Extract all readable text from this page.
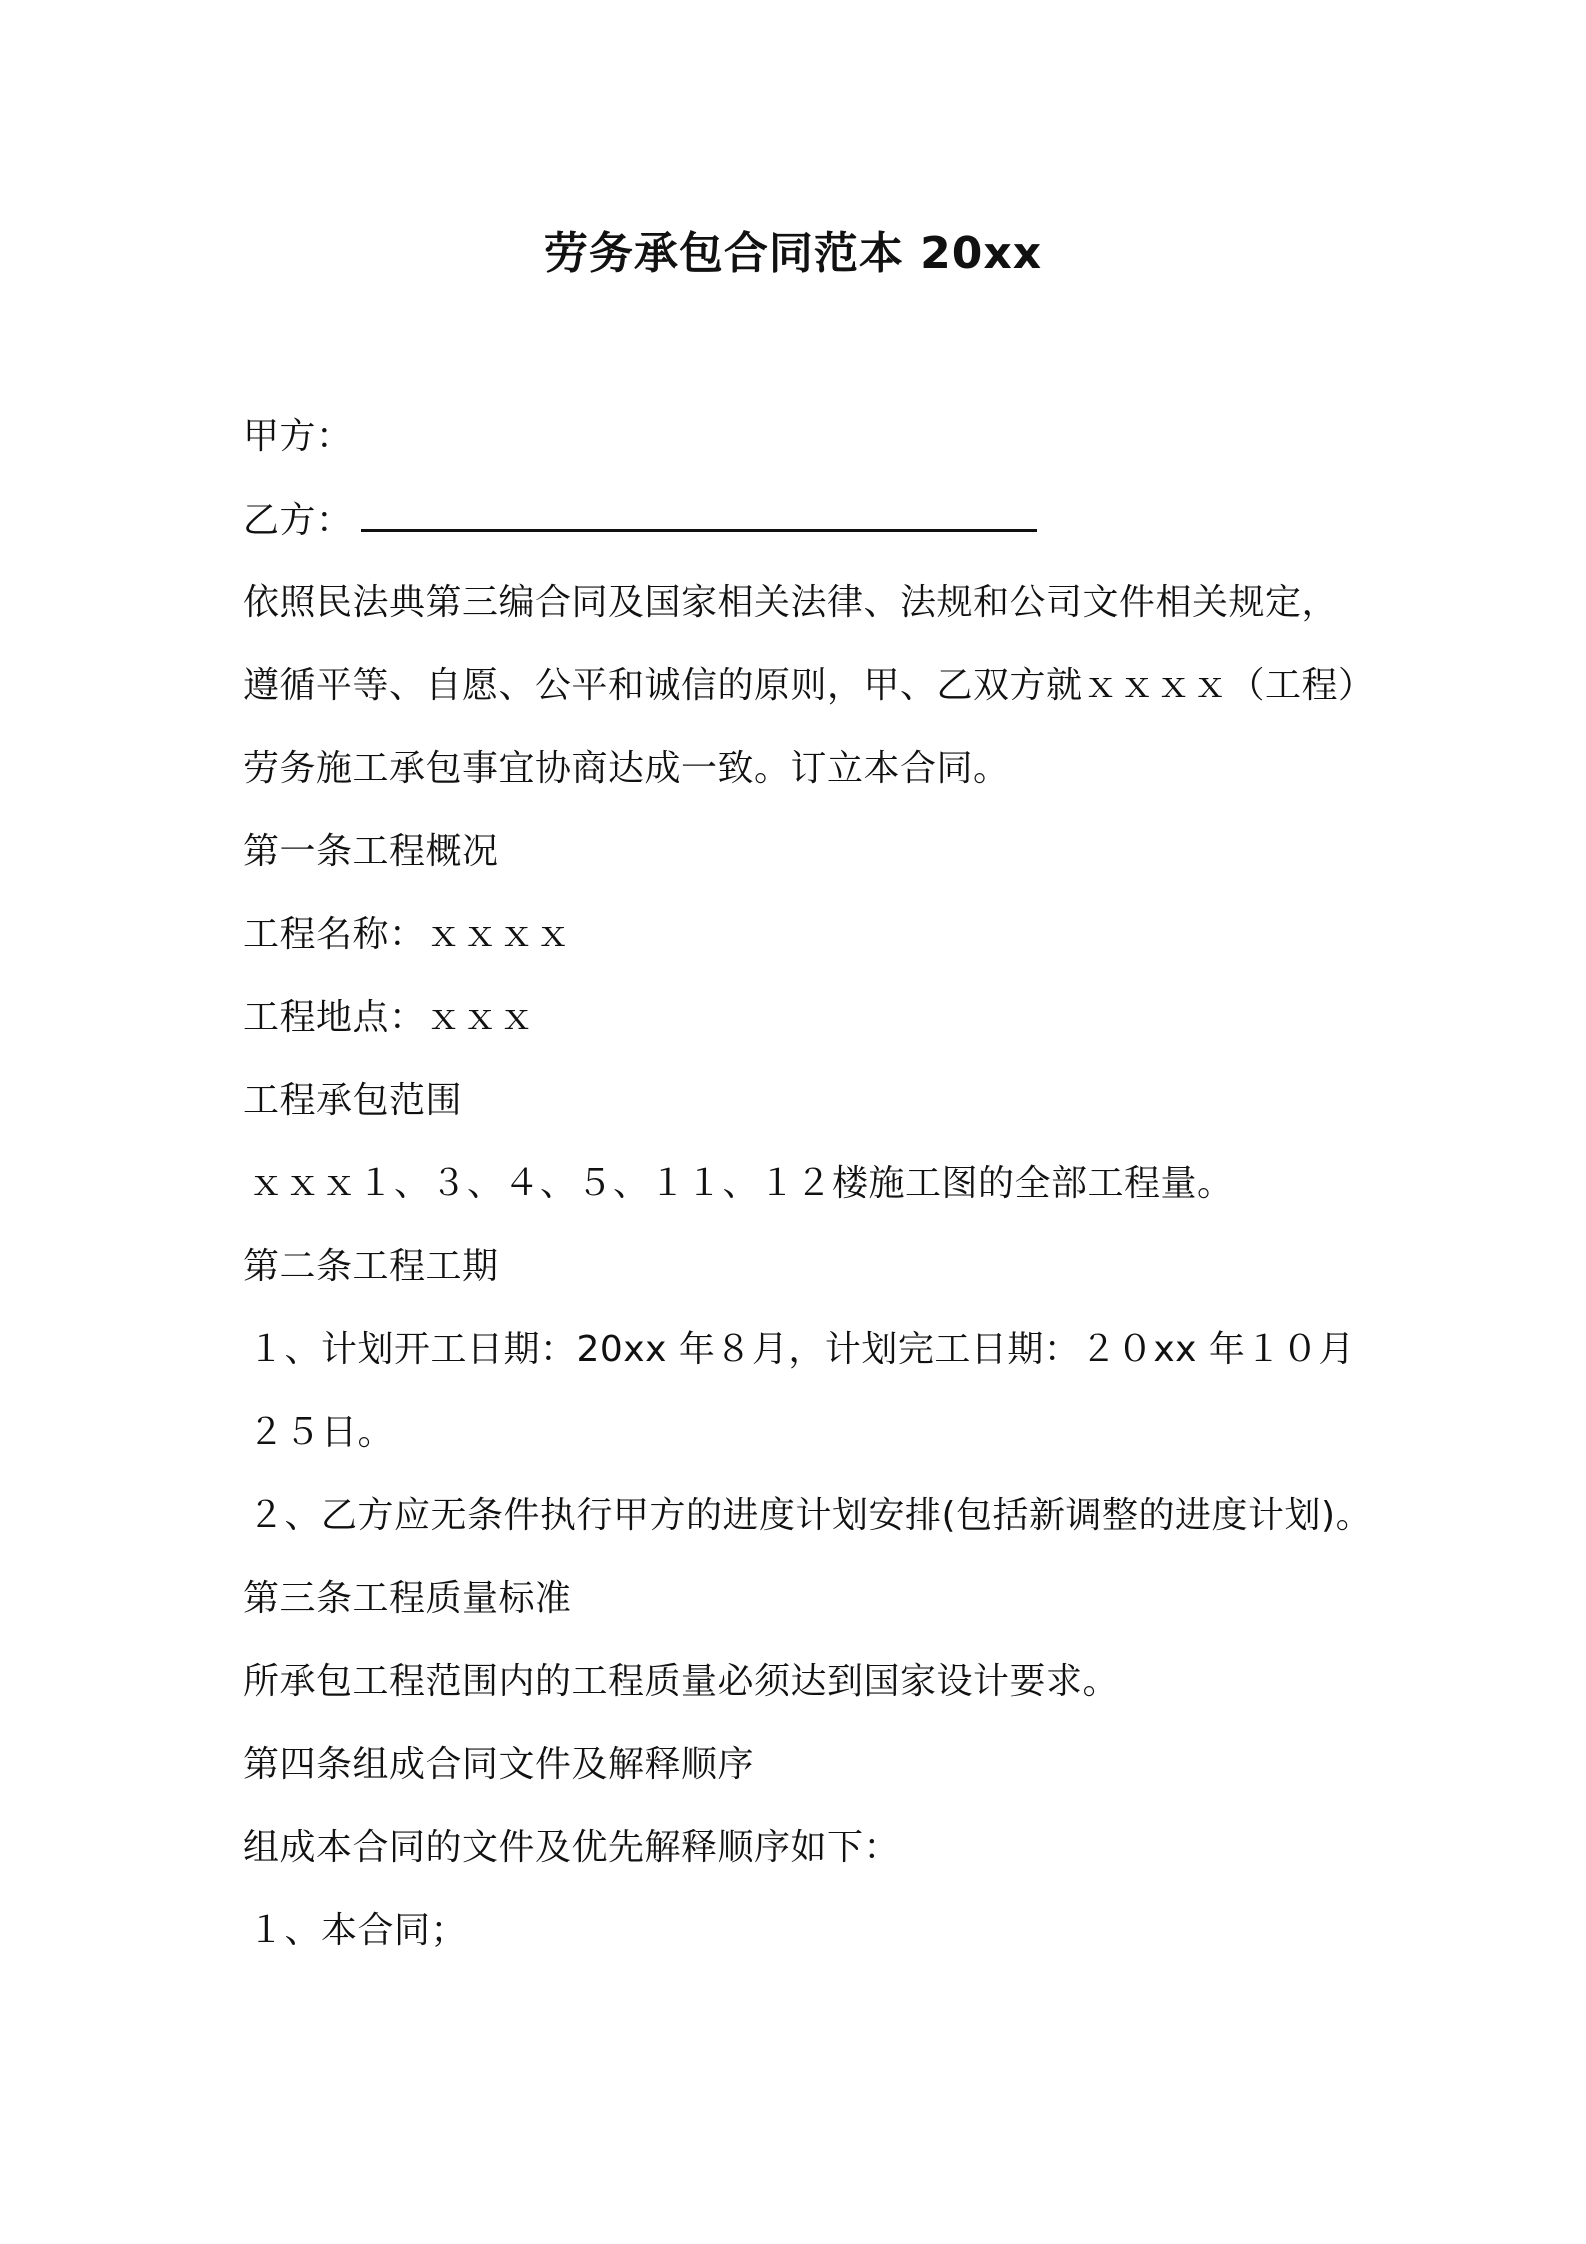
劳务承包合同范本 20xx
甲方：
乙方：
依照民法典第三编合同及国家相关法律、法规和公司文件相关规定，
遵循平等、自愿、公平和诚信的原则，甲、乙双方就ｘｘｘｘ（工程）
劳务施工承包事宜协商达成一致。订立本合同。
第一条工程概况
工程名称：ｘｘｘｘ
工程地点：ｘｘｘ
工程承包范围
ｘｘｘ１、３、４、５、１１、１２楼施工图的全部工程量。
第二条工程工期
１、计划开工日期：20xx 年８月，计划完工日期：２０xx 年１０月
２５日。
２、乙方应无条件执行甲方的进度计划安排(包括新调整的进度计划)。
第三条工程质量标准
所承包工程范围内的工程质量必须达到国家设计要求。
第四条组成合同文件及解释顺序
组成本合同的文件及优先解释顺序如下：
１、本合同；
